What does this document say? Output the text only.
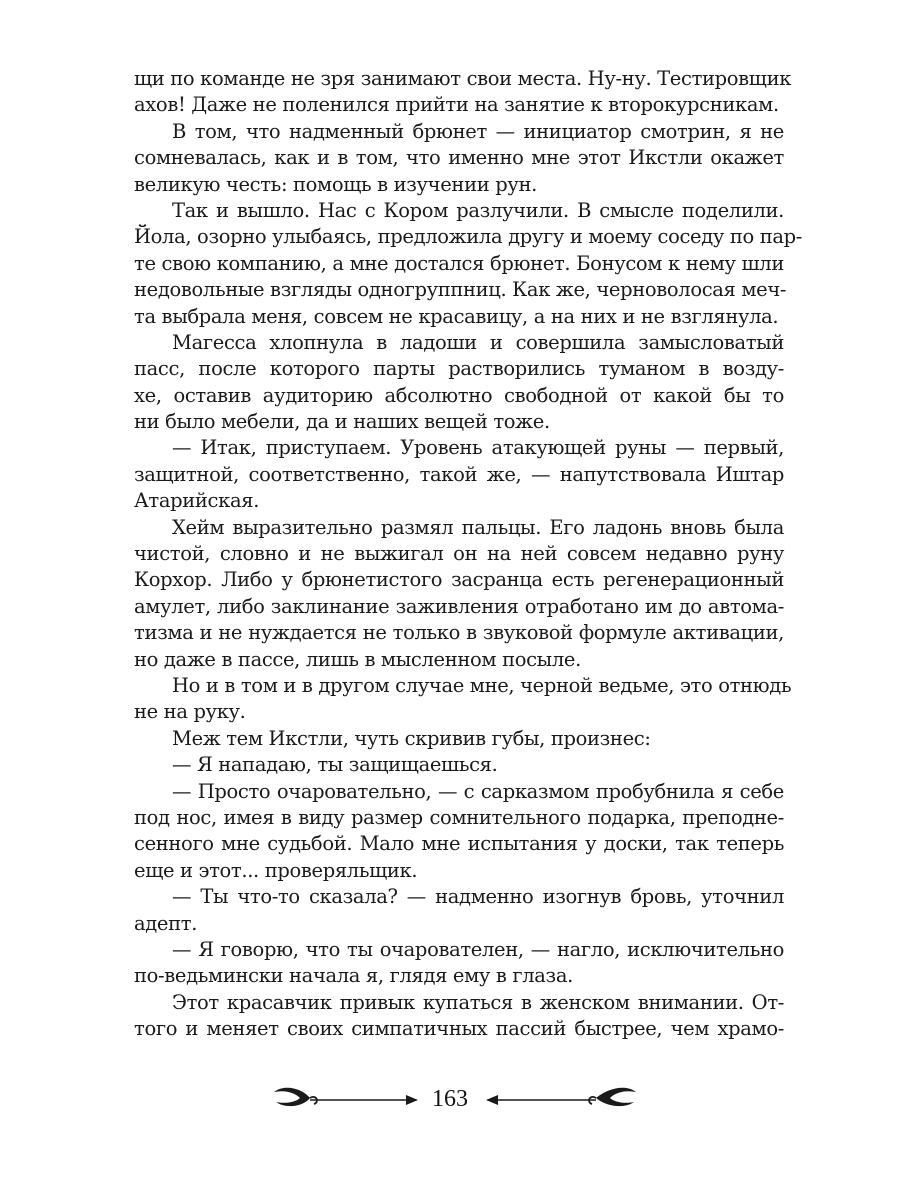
щи по команде не зря занимают свои места. Ну-ну. Тестировщик
ахов! Даже не поленился прийти на занятие к второкурсникам.
В том, что надменный брюнет — инициатор смотрин, я не
сомневалась, как и в том, что именно мне этот Икстли окажет
великую честь: помощь в изучении рун.
Так и вышло. Нас с Кором разлучили. В смысле поделили.
Йола, озорно улыбаясь, предложила другу и моему соседу по пар-
те свою компанию, а мне достался брюнет. Бонусом к нему шли
недовольные взгляды одногруппниц. Как же, черноволосая меч-
та выбрала меня, совсем не красавицу, а на них и не взглянула.
Магесса хлопнула в ладоши и совершила замысловатый
пасс, после которого парты растворились туманом в возду-
хе, оставив аудиторию абсолютно свободной от какой бы то
ни было мебели, да и наших вещей тоже.
— Итак, приступаем. Уровень атакующей руны — первый,
защитной, соответственно, такой же, — напутствовала Иштар
Атарийская.
Хейм выразительно размял пальцы. Его ладонь вновь была
чистой, словно и не выжигал он на ней совсем недавно руну
Корхор. Либо у брюнетистого засранца есть регенерационный
амулет, либо заклинание заживления отработано им до автома-
тизма и не нуждается не только в звуковой формуле активации,
но даже в пассе, лишь в мысленном посыле.
Но и в том и в другом случае мне, черной ведьме, это отнюдь
не на руку.
Меж тем Икстли, чуть скривив губы, произнес:
— Я нападаю, ты защищаешься.
— Просто очаровательно, — с сарказмом пробубнила я себе
под нос, имея в виду размер сомнительного подарка, преподне-
сенного мне судьбой. Мало мне испытания у доски, так теперь
еще и этот... проверяльщик.
— Ты что-то сказала? — надменно изогнув бровь, уточнил
адепт.
— Я говорю, что ты очарователен, — нагло, исключительно
по-ведьмински начала я, глядя ему в глаза.
Этот красавчик привык купаться в женском внимании. От-
того и меняет своих симпатичных пассий быстрее, чем храмо-
163
